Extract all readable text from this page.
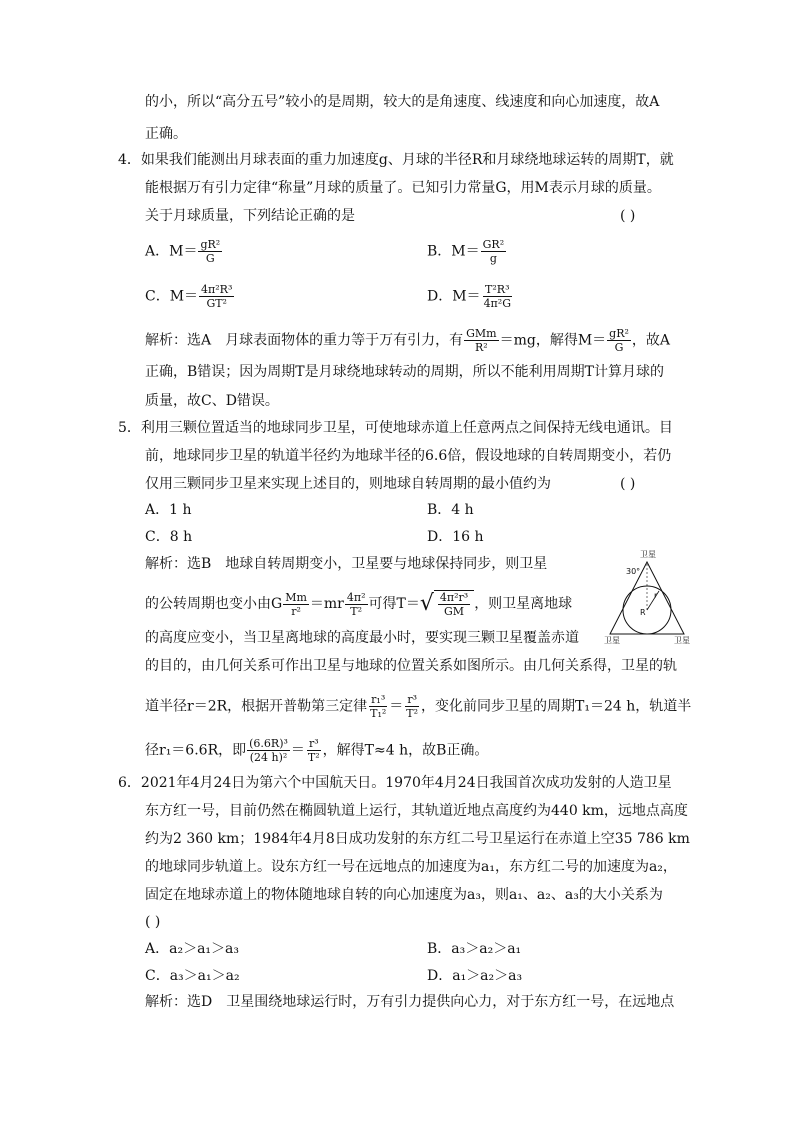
的小，所以“高分五号”较小的是周期，较大的是角速度、线速度和向心加速度，故A
正确。
4．如果我们能测出月球表面的重力加速度g、月球的半径R和月球绕地球运转的周期T，就
能根据万有引力定律“称量”月球的质量了。已知引力常量G，用M表示月球的质量。
关于月球质量，下列结论正确的是	( )
A．$M= \frac{\text{gR²}}{G}$	B．$M= \frac{\text{GR²}}{g}$
C．$M= \frac{\text{4π²R³}}{\text{GT²}}$	D．$M= \frac{\text{T²R³}}{\text{4π²G}}$
解析：选A　月球表面物体的重力等于万有引力，有 $\frac{\text{GMm}}{\text{R²}} =mg$，解得$M= \frac{\text{gR²}}{G}$ ，故A
正确，B错误；因为周期T是月球绕地球转动的周期，所以不能利用周期T计算月球的
质量，故C、D错误。
5．利用三颗位置适当的地球同步卫星，可使地球赤道上任意两点之间保持无线电通讯。目
前，地球同步卫星的轨道半径约为地球半径的6.6倍，假设地球的自转周期变小，若仍
仅用三颗同步卫星来实现上述目的，则地球自转周期的最小值约为	( )
A．1 h	B．4 h
C．8 h	D．16 h
解析：选B　地球自转周期变小，卫星要与地球保持同步，则卫星
的公转周期也变小由G $\frac{Mm}{\text{r²}} =mr \frac{\text{4π²}}{\text{T²}}$ 可得T＝ √ $\frac{\text{4π²r³}}{GM}$ ，则卫星离地球
的高度应变小，当卫星离地球的高度最小时，要实现三颗卫星覆盖赤道
的目的，由几何关系可作出卫星与地球的位置关系如图所示。由几何关系得，卫星的轨
道半径r＝2R，根据开普勒第三定律 $\frac{\text{r₁³}}{\text{T₁²}} = \frac{\text{r³}}{\text{T²}}$ ，变化前同步卫星的周期T₁＝24 h，轨道半
径r₁＝6.6R，即 $\frac{\text{(6.6R)³}}{\text{(24 h)²}} = \frac{\text{r³}}{\text{T²}}$ ，解得T≈4 h，故B正确。
卫星
30°
r
R
卫星	卫星
6．2021年4月24日为第六个中国航天日。1970年4月24日我国首次成功发射的人造卫星
东方红一号，目前仍然在椭圆轨道上运行，其轨道近地点高度约为440 km，远地点高度
约为2 360 km；1984年4月8日成功发射的东方红二号卫星运行在赤道上空35 786 km
的地球同步轨道上。设东方红一号在远地点的加速度为a₁，东方红二号的加速度为a₂，
固定在地球赤道上的物体随地球自转的向心加速度为a₃，则a₁、a₂、a₃的大小关系为
( )
A．a₂＞a₁＞a₃	B．a₃＞a₂＞a₁
C．a₃＞a₁＞a₂	D．a₁＞a₂＞a₃
解析：选D　卫星围绕地球运行时，万有引力提供向心力，对于东方红一号，在远地点
